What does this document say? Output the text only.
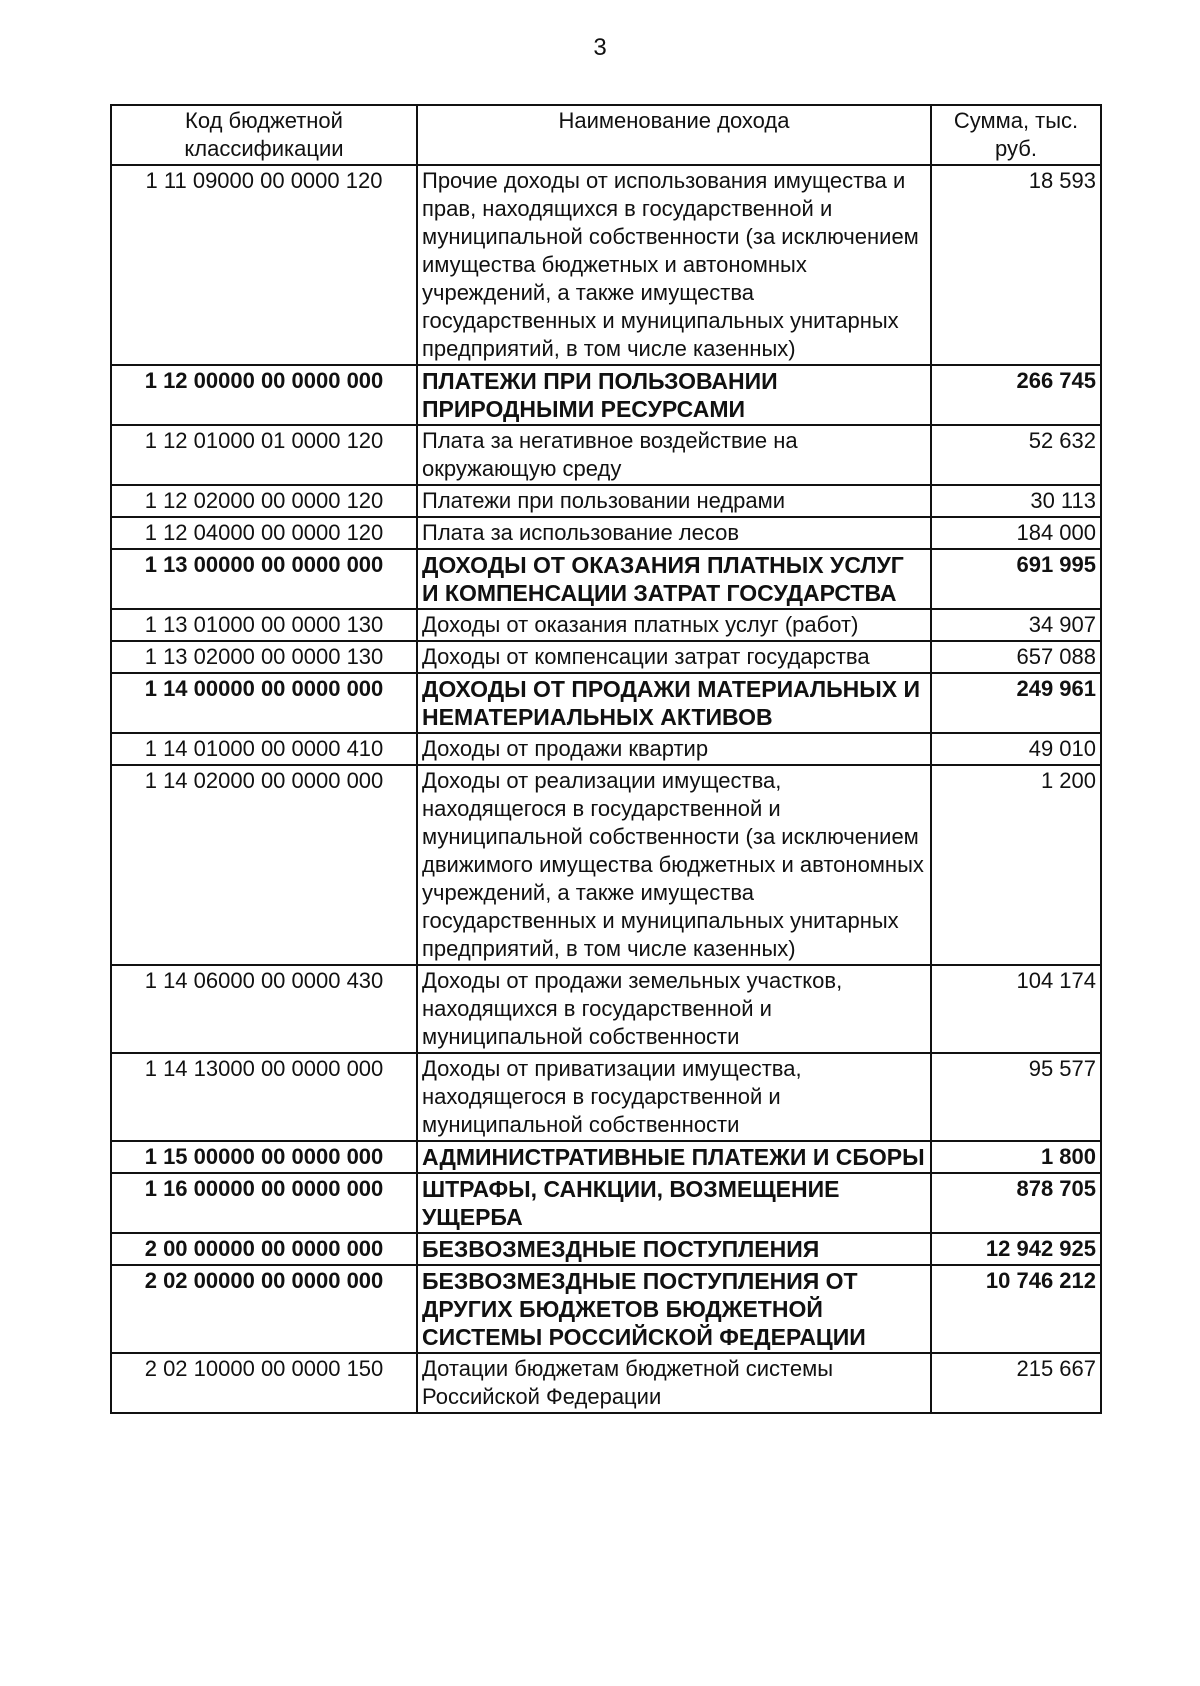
3
Код бюджетной классификации	Наименование дохода	Сумма, тыс. руб.
1 11 09000 00 0000 120	Прочие доходы от использования имущества и прав, находящихся в государственной и муниципальной собственности (за исключением имущества бюджетных и автономных учреждений, а также имущества государственных и муниципальных унитарных предприятий, в том числе казенных)	18 593
1 12 00000 00 0000 000	ПЛАТЕЖИ ПРИ ПОЛЬЗОВАНИИ ПРИРОДНЫМИ РЕСУРСАМИ	266 745
1 12 01000 01 0000 120	Плата за негативное воздействие на окружающую среду	52 632
1 12 02000 00 0000 120	Платежи при пользовании недрами	30 113
1 12 04000 00 0000 120	Плата за использование лесов	184 000
1 13 00000 00 0000 000	ДОХОДЫ ОТ ОКАЗАНИЯ ПЛАТНЫХ УСЛУГ И КОМПЕНСАЦИИ ЗАТРАТ ГОСУДАРСТВА	691 995
1 13 01000 00 0000 130	Доходы от оказания платных услуг (работ)	34 907
1 13 02000 00 0000 130	Доходы от компенсации затрат государства	657 088
1 14 00000 00 0000 000	ДОХОДЫ ОТ ПРОДАЖИ МАТЕРИАЛЬНЫХ И НЕМАТЕРИАЛЬНЫХ АКТИВОВ	249 961
1 14 01000 00 0000 410	Доходы от продажи квартир	49 010
1 14 02000 00 0000 000	Доходы от реализации имущества, находящегося в государственной и муниципальной собственности (за исключением движимого имущества бюджетных и автономных учреждений, а также имущества государственных и муниципальных унитарных предприятий, в том числе казенных)	1 200
1 14 06000 00 0000 430	Доходы от продажи земельных участков, находящихся в государственной и муниципальной собственности	104 174
1 14 13000 00 0000 000	Доходы от приватизации имущества, находящегося в государственной и муниципальной собственности	95 577
1 15 00000 00 0000 000	АДМИНИСТРАТИВНЫЕ ПЛАТЕЖИ И СБОРЫ	1 800
1 16 00000 00 0000 000	ШТРАФЫ, САНКЦИИ, ВОЗМЕЩЕНИЕ УЩЕРБА	878 705
2 00 00000 00 0000 000	БЕЗВОЗМЕЗДНЫЕ ПОСТУПЛЕНИЯ	12 942 925
2 02 00000 00 0000 000	БЕЗВОЗМЕЗДНЫЕ ПОСТУПЛЕНИЯ ОТ ДРУГИХ БЮДЖЕТОВ БЮДЖЕТНОЙ СИСТЕМЫ РОССИЙСКОЙ ФЕДЕРАЦИИ	10 746 212
2 02 10000 00 0000 150	Дотации бюджетам бюджетной системы Российской Федерации	215 667
